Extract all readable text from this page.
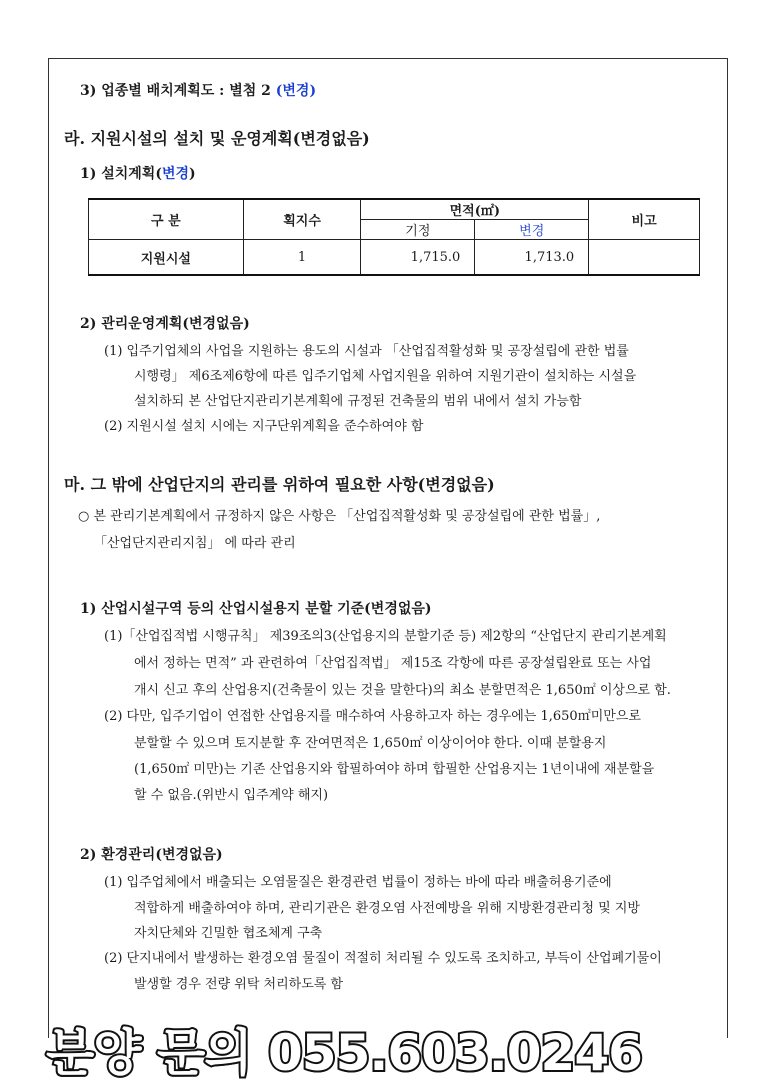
3) 업종별 배치계획도 : 별첨 2 (변경)
라. 지원시설의 설치 및 운영계획(변경없음)
1) 설치계획(변경)
구 분	획지수	면적(㎡)		비고
		기정	변경	
지원시설	1	1,715.0	1,713.0	
2) 관리운영계획(변경없음)
(1) 입주기업체의 사업을 지원하는 용도의 시설과 「산업집적활성화 및 공장설립에 관한 법률
시행령」 제6조제6항에 따른 입주기업체 사업지원을 위하여 지원기관이 설치하는 시설을
설치하되 본 산업단지관리기본계획에 규정된 건축물의 범위 내에서 설치 가능함
(2) 지원시설 설치 시에는 지구단위계획을 준수하여야 함
마. 그 밖에 산업단지의 관리를 위하여 필요한 사항(변경없음)
○ 본 관리기본계획에서 규정하지 않은 사항은 「산업집적활성화 및 공장설립에 관한 법률」,
「산업단지관리지침」 에 따라 관리
1) 산업시설구역 등의 산업시설용지 분할 기준(변경없음)
(1)「산업집적법 시행규칙」 제39조의3(산업용지의 분할기준 등) 제2항의 “산업단지 관리기본계획
에서 정하는 면적” 과 관련하여「산업집적법」 제15조 각항에 따른 공장설립완료 또는 사업
개시 신고 후의 산업용지(건축물이 있는 것을 말한다)의 최소 분할면적은 1,650㎡ 이상으로 함.
(2) 다만, 입주기업이 연접한 산업용지를 매수하여 사용하고자 하는 경우에는 1,650㎡미만으로
분할할 수 있으며 토지분할 후 잔여면적은 1,650㎡ 이상이어야 한다. 이때 분할용지
(1,650㎡ 미만)는 기존 산업용지와 합필하여야 하며 합필한 산업용지는 1년이내에 재분할을
할 수 없음.(위반시 입주계약 해지)
2) 환경관리(변경없음)
(1) 입주업체에서 배출되는 오염물질은 환경관련 법률이 정하는 바에 따라 배출허용기준에
적합하게 배출하여야 하며, 관리기관은 환경오염 사전예방을 위해 지방환경관리청 및 지방
자치단체와 긴밀한 협조체계 구축
(2) 단지내에서 발생하는 환경오염 물질이 적절히 처리될 수 있도록 조치하고, 부득이 산업폐기물이
발생할 경우 전량 위탁 처리하도록 함
분양 문의 055.603.0246
